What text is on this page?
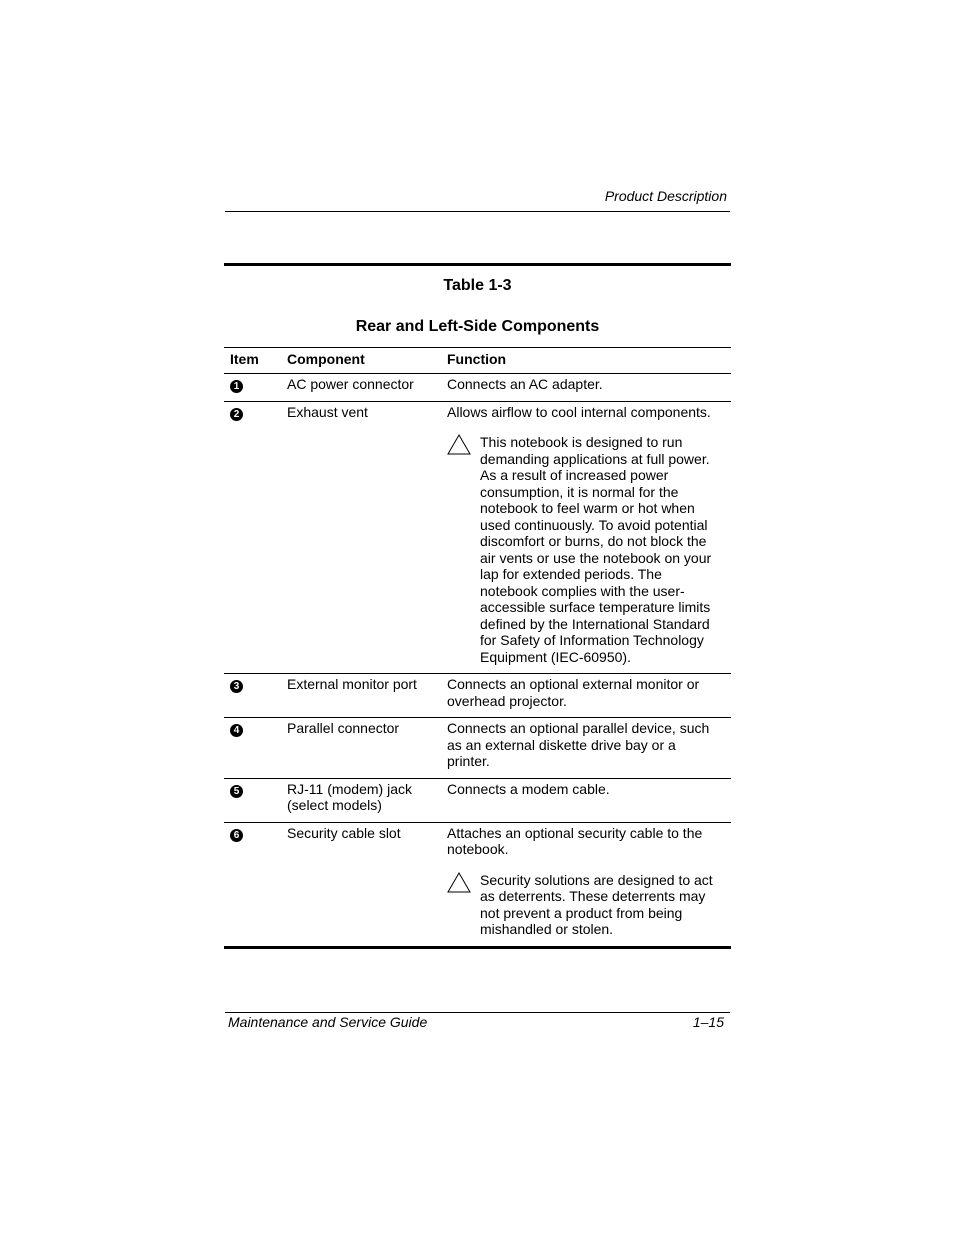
Product Description
Table 1-3
Rear and Left-Side Components
Item	Component	Function
1	AC power connector	Connects an AC adapter.

2	Exhaust vent	Allows airflow to cool internal components.
This notebook is designed to run demanding applications at full power. As a result of increased power consumption, it is normal for the notebook to feel warm or hot when used continuously. To avoid potential discomfort or burns, do not block the air vents or use the notebook on your lap for extended periods. The notebook complies with the user-accessible surface temperature limits defined by the International Standard for Safety of Information Technology Equipment (IEC-60950).

3	External monitor port	Connects an optional external monitor or overhead projector.

4	Parallel connector	Connects an optional parallel device, such as an external diskette drive bay or a printer.

5	RJ-11 (modem) jack (select models)	Connects a modem cable.

6	Security cable slot	Attaches an optional security cable to the notebook.
Security solutions are designed to act as deterrents. These deterrents may not prevent a product from being mishandled or stolen.
Maintenance and Service Guide	1–15
